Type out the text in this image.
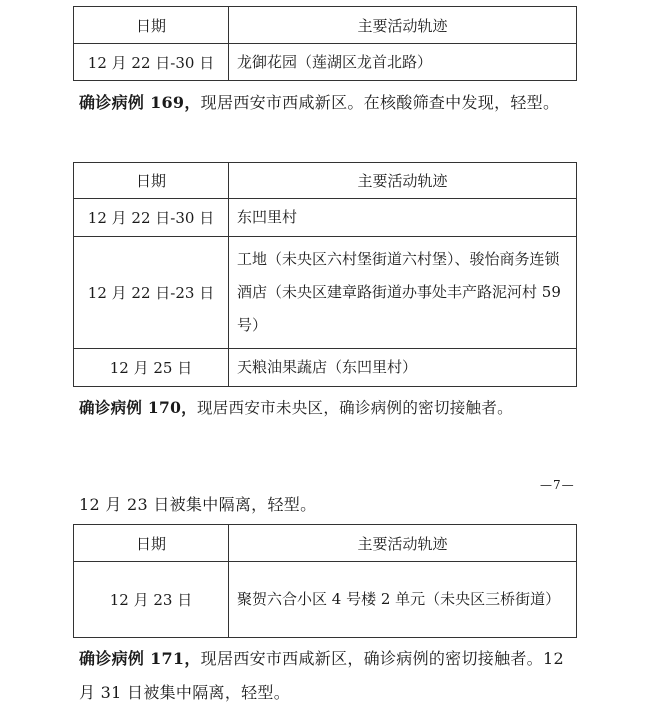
日期	主要活动轨迹
12 月 22 日-30 日	龙御花园（莲湖区龙首北路）
确诊病例 169，现居西安市西咸新区。在核酸筛查中发现，轻型。
日期	主要活动轨迹
12 月 22 日-30 日	东凹里村
12 月 22 日-23 日	工地（未央区六村堡街道六村堡）、骏怡商务连锁酒店（未央区建章路街道办事处丰产路泥河村 59 号）
12 月 25 日	天粮油果蔬店（东凹里村）
确诊病例 170，现居西安市未央区，确诊病例的密切接触者。
—7—
12 月 23 日被集中隔离，轻型。
日期	主要活动轨迹
12 月 23 日	聚贺六合小区 4 号楼 2 单元（未央区三桥街道）
确诊病例 171，现居西安市西咸新区，确诊病例的密切接触者。12 月 31 日被集中隔离，轻型。
